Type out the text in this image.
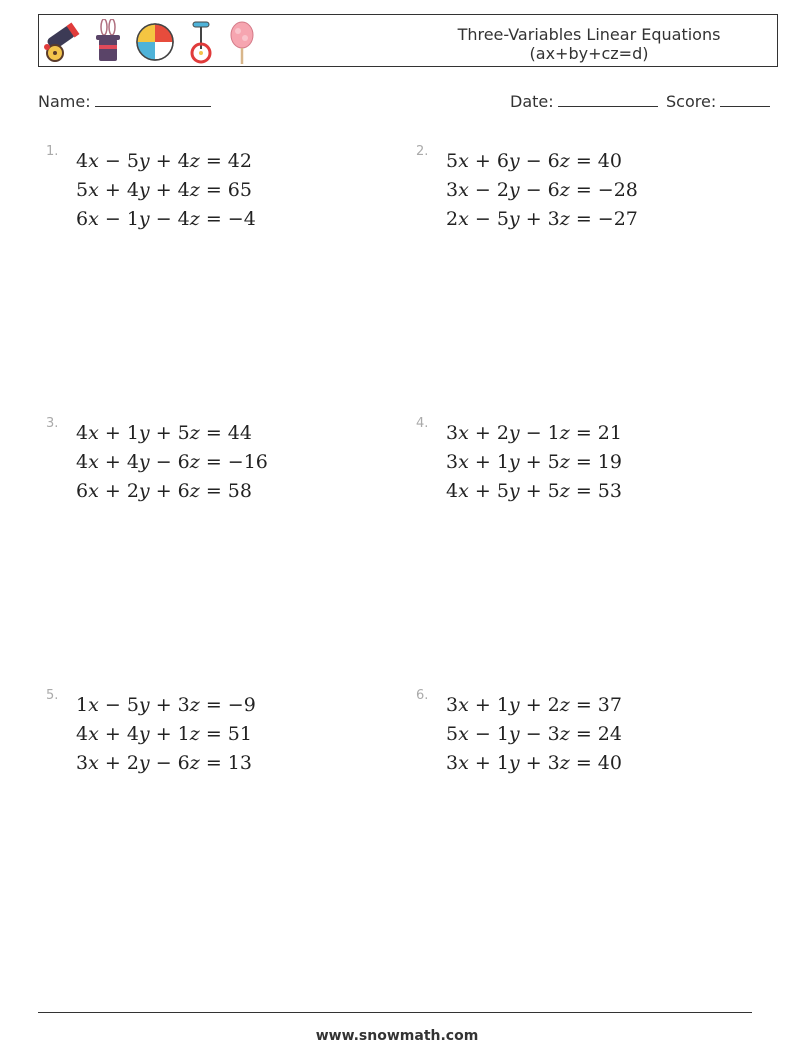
Three-Variables Linear Equations
(ax+by+cz=d)
Name:	Date:	Score:
1. 4x − 5y + 4z = 42
5x + 4y + 4z = 65
6x − 1y − 4z = −4
2. 5x + 6y − 6z = 40
3x − 2y − 6z = −28
2x − 5y + 3z = −27
3. 4x + 1y + 5z = 44
4x + 4y − 6z = −16
6x + 2y + 6z = 58
4. 3x + 2y − 1z = 21
3x + 1y + 5z = 19
4x + 5y + 5z = 53
5. 1x − 5y + 3z = −9
4x + 4y + 1z = 51
3x + 2y − 6z = 13
6. 3x + 1y + 2z = 37
5x − 1y − 3z = 24
3x + 1y + 3z = 40
www.snowmath.com
